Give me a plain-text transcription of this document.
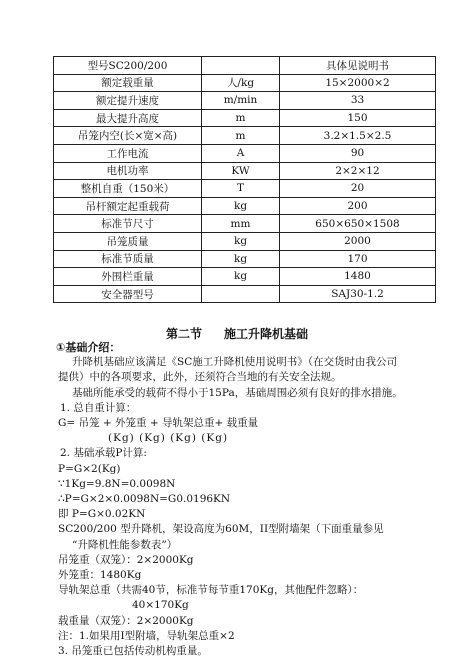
型号SC200/200		具体见说明书
额定载重量	人/kg	15×2000×2
额定提升速度	m/min	33
最大提升高度	m	150
吊笼内空(长×宽×高)	m	3.2×1.5×2.5
工作电流	A	90
电机功率	KW	2×2×12
整机自重（150米）	T	20
吊杆额定起重载荷	kg	200
标准节尺寸	mm	650×650×1508
吊笼质量	kg	2000
标准节质量	kg	170
外围栏重量	kg	1480
安全器型号		SAJ30-1.2
第二节 施工升降机基础
①基础介绍：
升降机基础应该满足《SC施工升降机使用说明书》（在交货时由我公司
提供）中的各项要求，此外，还须符合当地的有关安全法规。
基础所能承受的载荷不得小于15Pa，基础周围必须有良好的排水措施。
1. 总自重计算：
G= 吊笼 + 外笼重 + 导轨架总重+ 载重量
(Kg) (Kg) (Kg) (Kg)
2. 基础承载P计算:
P=G×2(Kg)
∵1Kg=9.8N=0.0098N
∴P=G×2×0.0098N=G0.0196KN
即 P=G×0.02KN
SC200/200 型升降机，架设高度为60M，II型附墙架（下面重量参见
“升降机性能参数表”）
吊笼重（双笼）：2×2000Kg
外笼重：1480Kg
导轨架总重（共需40节，标准节每节重170Kg，其他配件忽略）：
40×170Kg
载重量（双笼）：2×2000Kg
注：1.如果用Ⅰ型附墙，导轨架总重×2
3. 吊笼重已包括传动机构重量。
